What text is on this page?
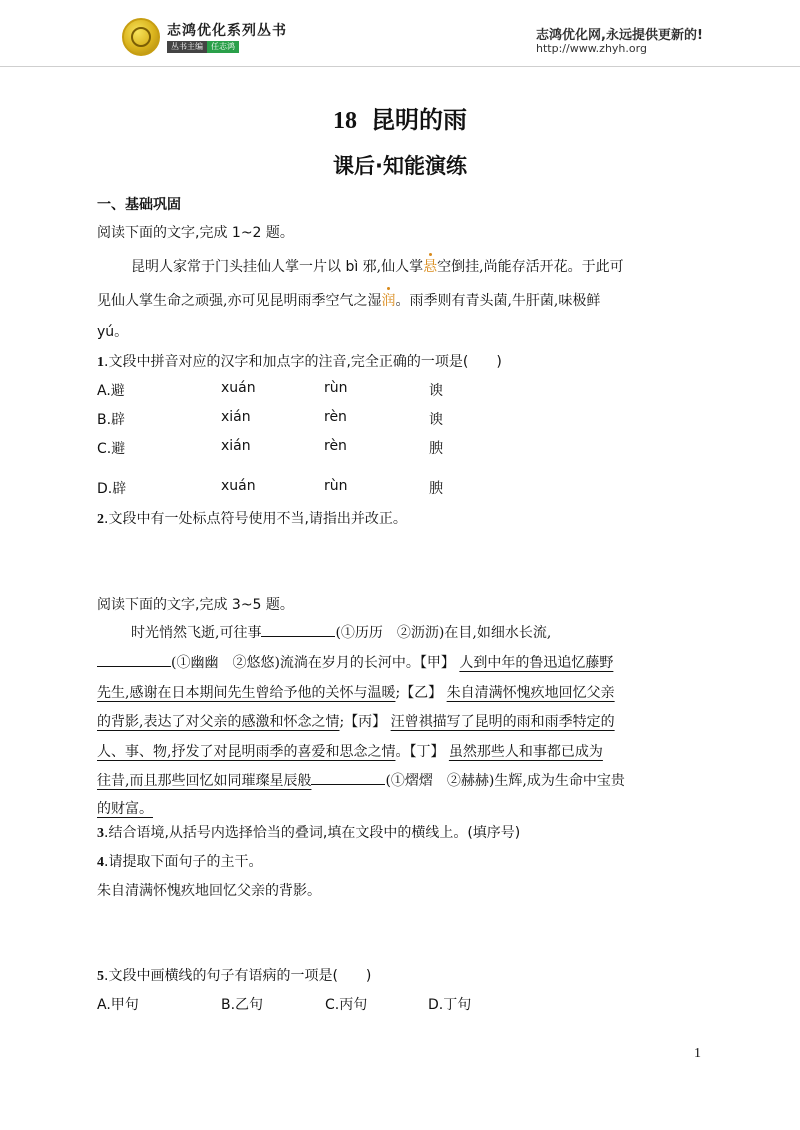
志鸿优化系列丛书
丛书主编	任志鸿
志鸿优化网,永远提供更新的!
http://www.zhyh.org
18 昆明的雨
课后·知能演练
一、基础巩固
阅读下面的文字,完成 1~2 题。
昆明人家常于门头挂仙人掌一片以 bì 邪,仙人掌悬空倒挂,尚能存活开花。于此可
见仙人掌生命之顽强,亦可见昆明雨季空气之湿润。雨季则有青头菌,牛肝菌,味极鲜
yú。
1.文段中拼音对应的汉字和加点字的注音,完全正确的一项是(　　)
A.避	xuán	rùn	谀
B.辟	xián	rèn	谀
C.避	xián	rèn	腴
D.辟	xuán	rùn	腴
2.文段中有一处标点符号使用不当,请指出并改正。
阅读下面的文字,完成 3~5 题。
时光悄然飞逝,可往事	(①历历　②沥沥)在目,如细水长流,
(①幽幽　②悠悠)流淌在岁月的长河中。【甲】 人到中年的鲁迅追忆藤野
先生,感谢在日本期间先生曾给予他的关怀与温暖;【乙】 朱自清满怀愧疚地回忆父亲
的背影,表达了对父亲的感激和怀念之情;【丙】 汪曾祺描写了昆明的雨和雨季特定的
人、事、物,抒发了对昆明雨季的喜爱和思念之情。【丁】 虽然那些人和事都已成为
往昔,而且那些回忆如同璀璨星辰般	(①熠熠　②赫赫)生辉,成为生命中宝贵
的财富。
3.结合语境,从括号内选择恰当的叠词,填在文段中的横线上。(填序号)
4.请提取下面句子的主干。
朱自清满怀愧疚地回忆父亲的背影。
5.文段中画横线的句子有语病的一项是(　　)
A.甲句	B.乙句	C.丙句	D.丁句
1
